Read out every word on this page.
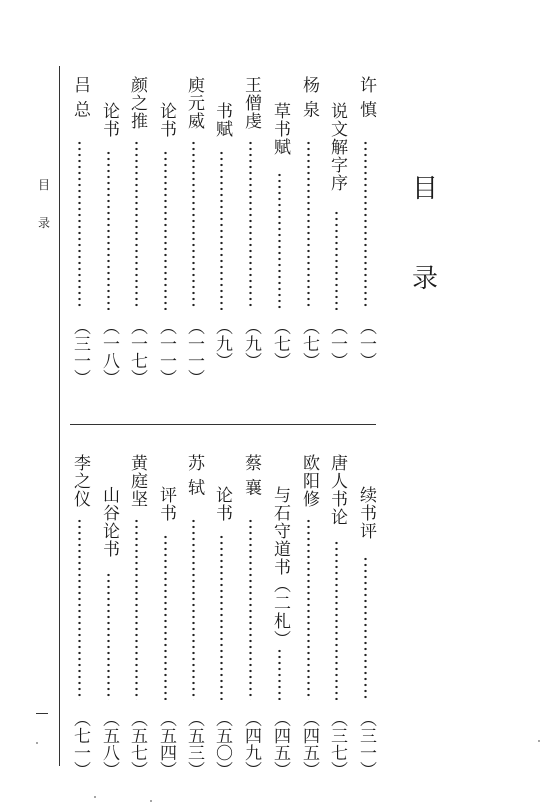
目
录
目
录
许 慎
（一）
说文解字序
（一）
杨 泉
（七）
草书赋
（七）
王僧虔
（九）
书赋
（九）
庾元威
（一一）
论书
（一一）
颜之推
（一七）
论书
（一八）
吕 总
（三一）
续书评
（三一）
唐人书论
（三七）
欧阳修
（四五）
与石守道书（二札）
（四五）
蔡 襄
（四九）
论书
（五〇）
苏 轼
（五三）
评书
（五四）
黄庭坚
（五七）
山谷论书
（五八）
李之仪
（七一）
